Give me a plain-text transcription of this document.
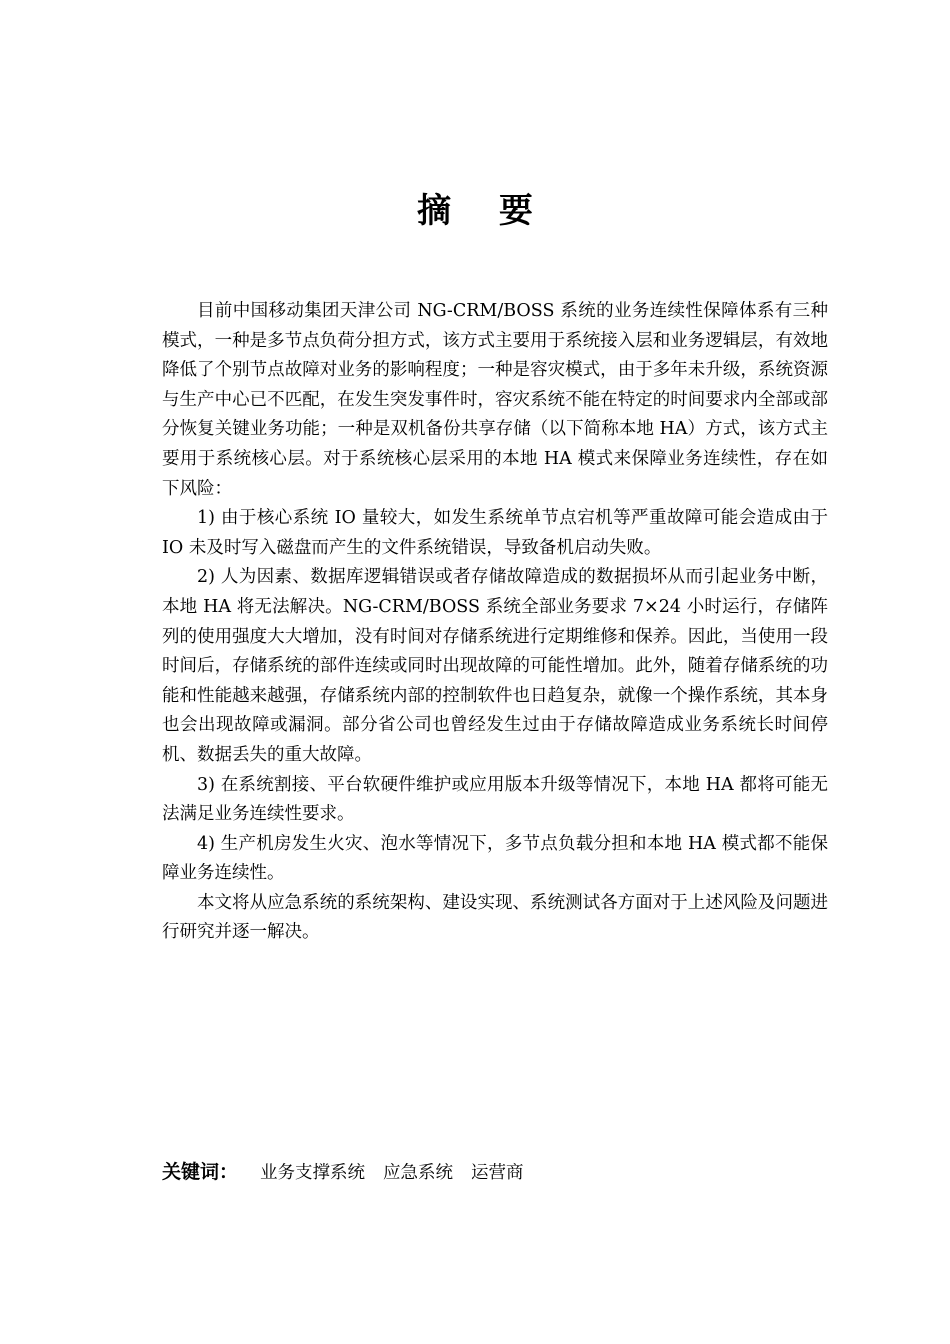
摘 要

目前中国移动集团天津公司 NG-CRM/BOSS 系统的业务连续性保障体系有三种模式，一种是多节点负荷分担方式，该方式主要用于系统接入层和业务逻辑层，有效地降低了个别节点故障对业务的影响程度；一种是容灾模式，由于多年未升级，系统资源与生产中心已不匹配，在发生突发事件时，容灾系统不能在特定的时间要求内全部或部分恢复关键业务功能；一种是双机备份共享存储（以下简称本地 HA）方式，该方式主要用于系统核心层。对于系统核心层采用的本地 HA 模式来保障业务连续性，存在如下风险：

1) 由于核心系统 IO 量较大，如发生系统单节点宕机等严重故障可能会造成由于 IO 未及时写入磁盘而产生的文件系统错误，导致备机启动失败。

2) 人为因素、数据库逻辑错误或者存储故障造成的数据损坏从而引起业务中断，本地 HA 将无法解决。NG-CRM/BOSS 系统全部业务要求 7×24 小时运行，存储阵列的使用强度大大增加，没有时间对存储系统进行定期维修和保养。因此，当使用一段时间后，存储系统的部件连续或同时出现故障的可能性增加。此外，随着存储系统的功能和性能越来越强，存储系统内部的控制软件也日趋复杂，就像一个操作系统，其本身也会出现故障或漏洞。部分省公司也曾经发生过由于存储故障造成业务系统长时间停机、数据丢失的重大故障。

3) 在系统割接、平台软硬件维护或应用版本升级等情况下，本地 HA 都将可能无法满足业务连续性要求。

4) 生产机房发生火灾、泡水等情况下，多节点负载分担和本地 HA 模式都不能保障业务连续性。

本文将从应急系统的系统架构、建设实现、系统测试各方面对于上述风险及问题进行研究并逐一解决。

关键词： 业务支撑系统 应急系统 运营商
